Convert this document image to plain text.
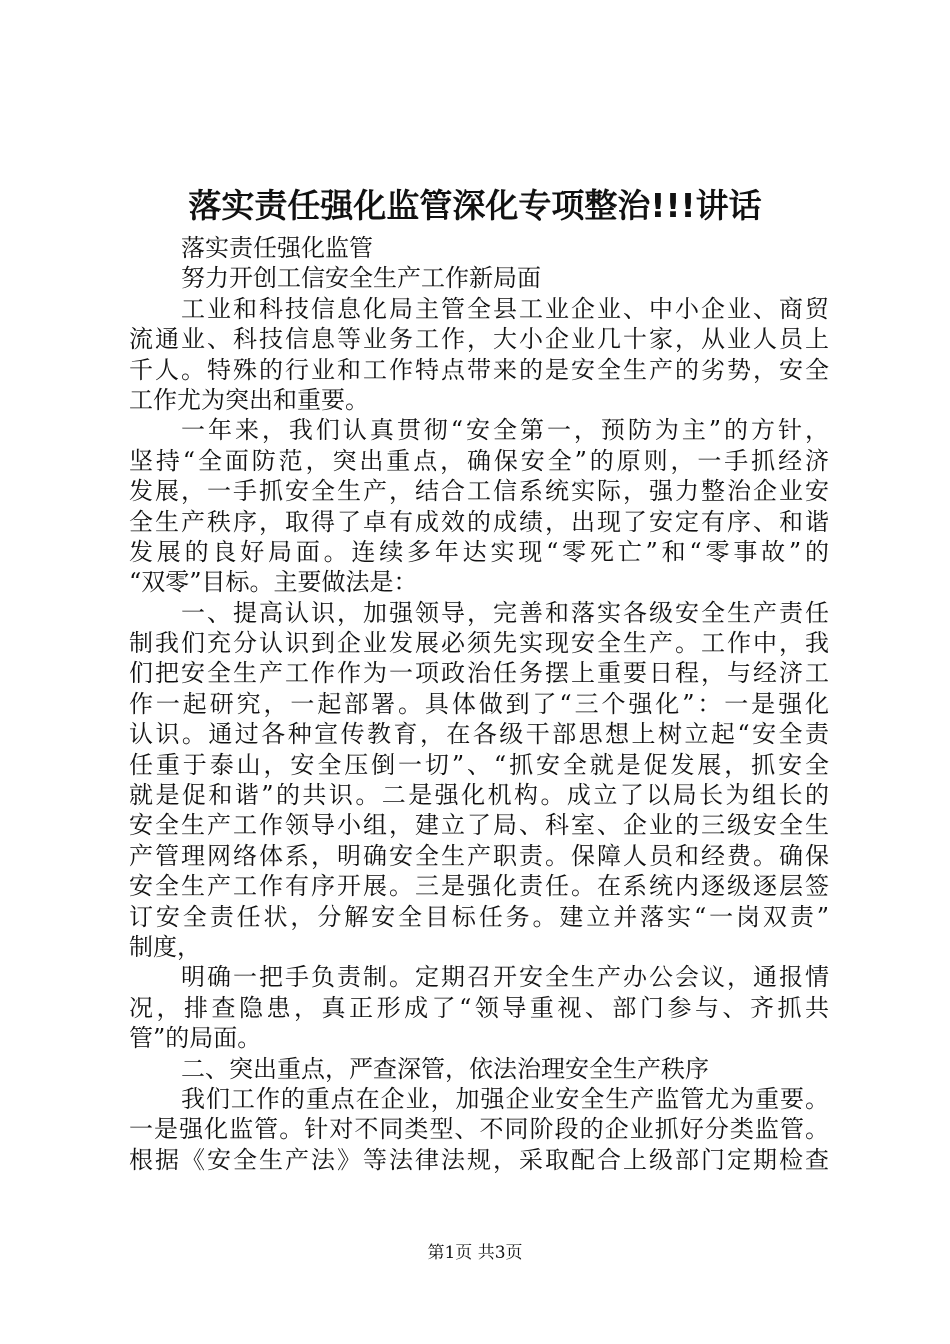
落实责任强化监管深化专项整治!!!讲话
落实责任强化监管
努力开创工信安全生产工作新局面
工业和科技信息化局主管全县工业企业、中小企业、商贸
流通业、科技信息等业务工作，大小企业几十家，从业人员上
千人。特殊的行业和工作特点带来的是安全生产的劣势，安全
工作尤为突出和重要。
一年来，我们认真贯彻“安全第一，预防为主”的方针，
坚持“全面防范，突出重点，确保安全”的原则，一手抓经济
发展，一手抓安全生产，结合工信系统实际，强力整治企业安
全生产秩序，取得了卓有成效的成绩，出现了安定有序、和谐
发展的良好局面。连续多年达实现“零死亡”和“零事故”的
“双零”目标。主要做法是：
一、提高认识，加强领导，完善和落实各级安全生产责任
制我们充分认识到企业发展必须先实现安全生产。工作中，我
们把安全生产工作作为一项政治任务摆上重要日程，与经济工
作一起研究，一起部署。具体做到了“三个强化”：一是强化
认识。通过各种宣传教育，在各级干部思想上树立起“安全责
任重于泰山，安全压倒一切”、“抓安全就是促发展，抓安全
就是促和谐”的共识。二是强化机构。成立了以局长为组长的
安全生产工作领导小组，建立了局、科室、企业的三级安全生
产管理网络体系，明确安全生产职责。保障人员和经费。确保
安全生产工作有序开展。三是强化责任。在系统内逐级逐层签
订安全责任状，分解安全目标任务。建立并落实“一岗双责”
制度，
明确一把手负责制。定期召开安全生产办公会议，通报情
况，排查隐患，真正形成了“领导重视、部门参与、齐抓共
管”的局面。
二、突出重点，严查深管，依法治理安全生产秩序
我们工作的重点在企业，加强企业安全生产监管尤为重要。
一是强化监管。针对不同类型、不同阶段的企业抓好分类监管。
根据《安全生产法》等法律法规，采取配合上级部门定期检查
第1页 共3页
